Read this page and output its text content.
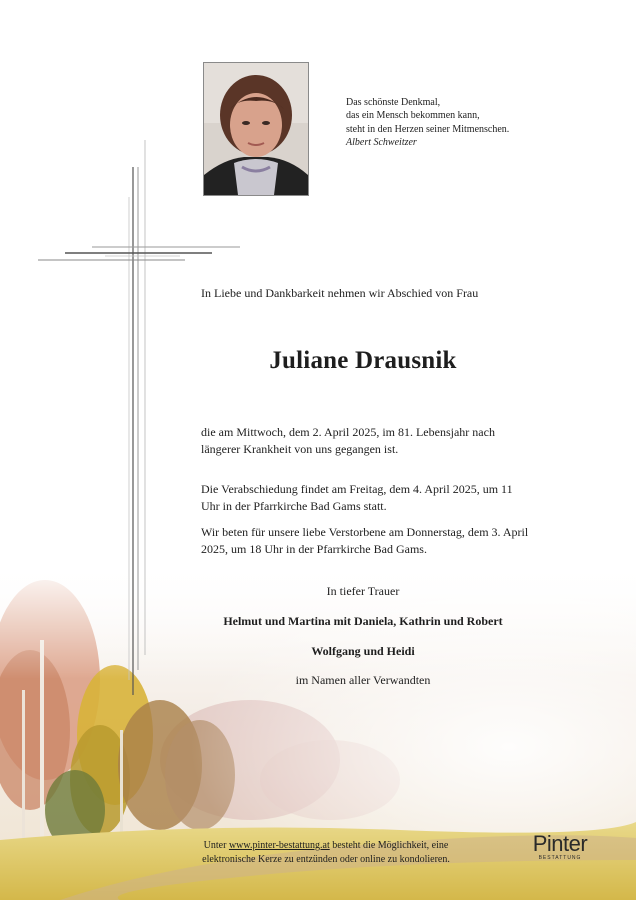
Das schönste Denkmal,
das ein Mensch bekommen kann,
steht in den Herzen seiner Mitmenschen.
Albert Schweitzer
In Liebe und Dankbarkeit nehmen wir Abschied von Frau
Juliane Drausnik
die am Mittwoch, dem 2. April 2025, im 81. Lebensjahr nach längerer Krankheit von uns gegangen ist.
Die Verabschiedung findet am Freitag, dem 4. April 2025, um 11 Uhr in der Pfarrkirche Bad Gams statt.
Wir beten für unsere liebe Verstorbene am Donnerstag, dem 3. April 2025, um 18 Uhr in der Pfarrkirche Bad Gams.
In tiefer Trauer
Helmut und Martina mit Daniela, Kathrin und Robert
Wolfgang und Heidi
im Namen aller Verwandten
Unter www.pinter-bestattung.at besteht die Möglichkeit, eine
elektronische Kerze zu entzünden oder online zu kondolieren.
Pinter
BESTATTUNG
